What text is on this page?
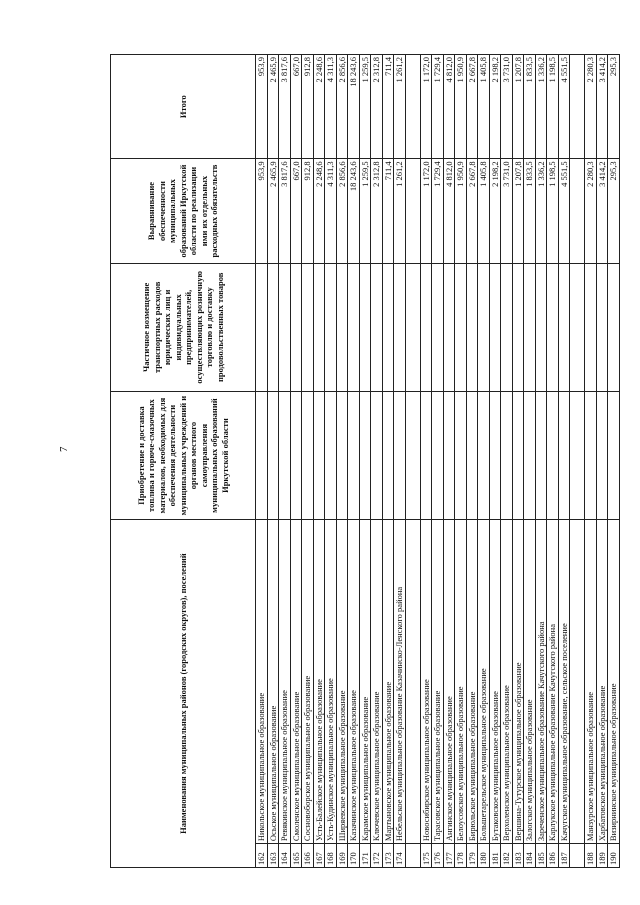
7
Наименования муниципальных районов (городских округов), поселений		Приобретение и доставка топлива и горюче-смазочных материалов, необходимых для обеспечения деятельности муниципальных учреждений и органов местного самоуправления муниципальных образований Иркутской области	Частичное возмещение транспортных расходов юридических лиц и индивидуальных предпринимателей, осуществляющих розничную торговлю и доставку продовольственных товаров	Выравнивание обеспеченности муниципальных образований Иркутской области по реализации ими их отдельных расходных обязательств	Итого
162	Никольское муниципальное образование			953,9	953,9
163	Осьское муниципальное образование			2 465,9	2 465,9
164	Ревякинское муниципальное образование			3 817,6	3 817,6
165	Смоленское муниципальное образование			667,0	667,0
166	Сосновоборское муниципальное образование			912,8	912,8
167	Усть-Балейское муниципальное образование			2 248,6	2 248,6
168	Усть-Кудинское муниципальное образование			4 311,3	4 311,3
169	Ширяевское муниципальное образование			2 856,6	2 856,6
170	Казачинское муниципальное образование			18 243,6	18 243,6
171	Карамское муниципальное образование			1 259,5	1 259,5
172	Ключевское муниципальное образование			2 312,8	2 312,8
173	Мартыновское муниципальное образование			711,4	711,4
174	Небельское муниципальное образование Казачинско-Ленского района			1 261,2	1 261,2

175	Новосибирское муниципальное образование			1 172,0	1 172,0
176	Тарасовское муниципальное образование			1 729,4	1 729,4
177	Ангинское муниципальное образование			4 812,0	4 812,0
178	Белоусовское муниципальное образование			1 950,9	1 950,9
179	Бирюльское муниципальное образование			2 667,8	2 667,8
180	Большетарельское муниципальное образование			1 405,8	1 405,8
181	Бутаковское муниципальное образование			2 198,2	2 198,2
182	Верхоленское муниципальное образование			3 731,0	3 731,0
183	Вершина-Тутурское муниципальное образование			1 207,8	1 207,8
184	Залогское муниципальное образование			1 833,5	1 833,5
185	Зареченское муниципальное образование Качугского района			1 336,2	1 336,2
186	Карлукское муниципальное образование Качугского района			1 198,5	1 198,5
187	Качугское муниципальное образование, сельское поселение			4 551,5	4 551,5

188	Манзурское муниципальное образование			2 280,3	2 280,3
189	Харбатовское муниципальное образование			3 414,2	3 414,2
190	Визирнинское муниципальное образование			295,3	295,3
